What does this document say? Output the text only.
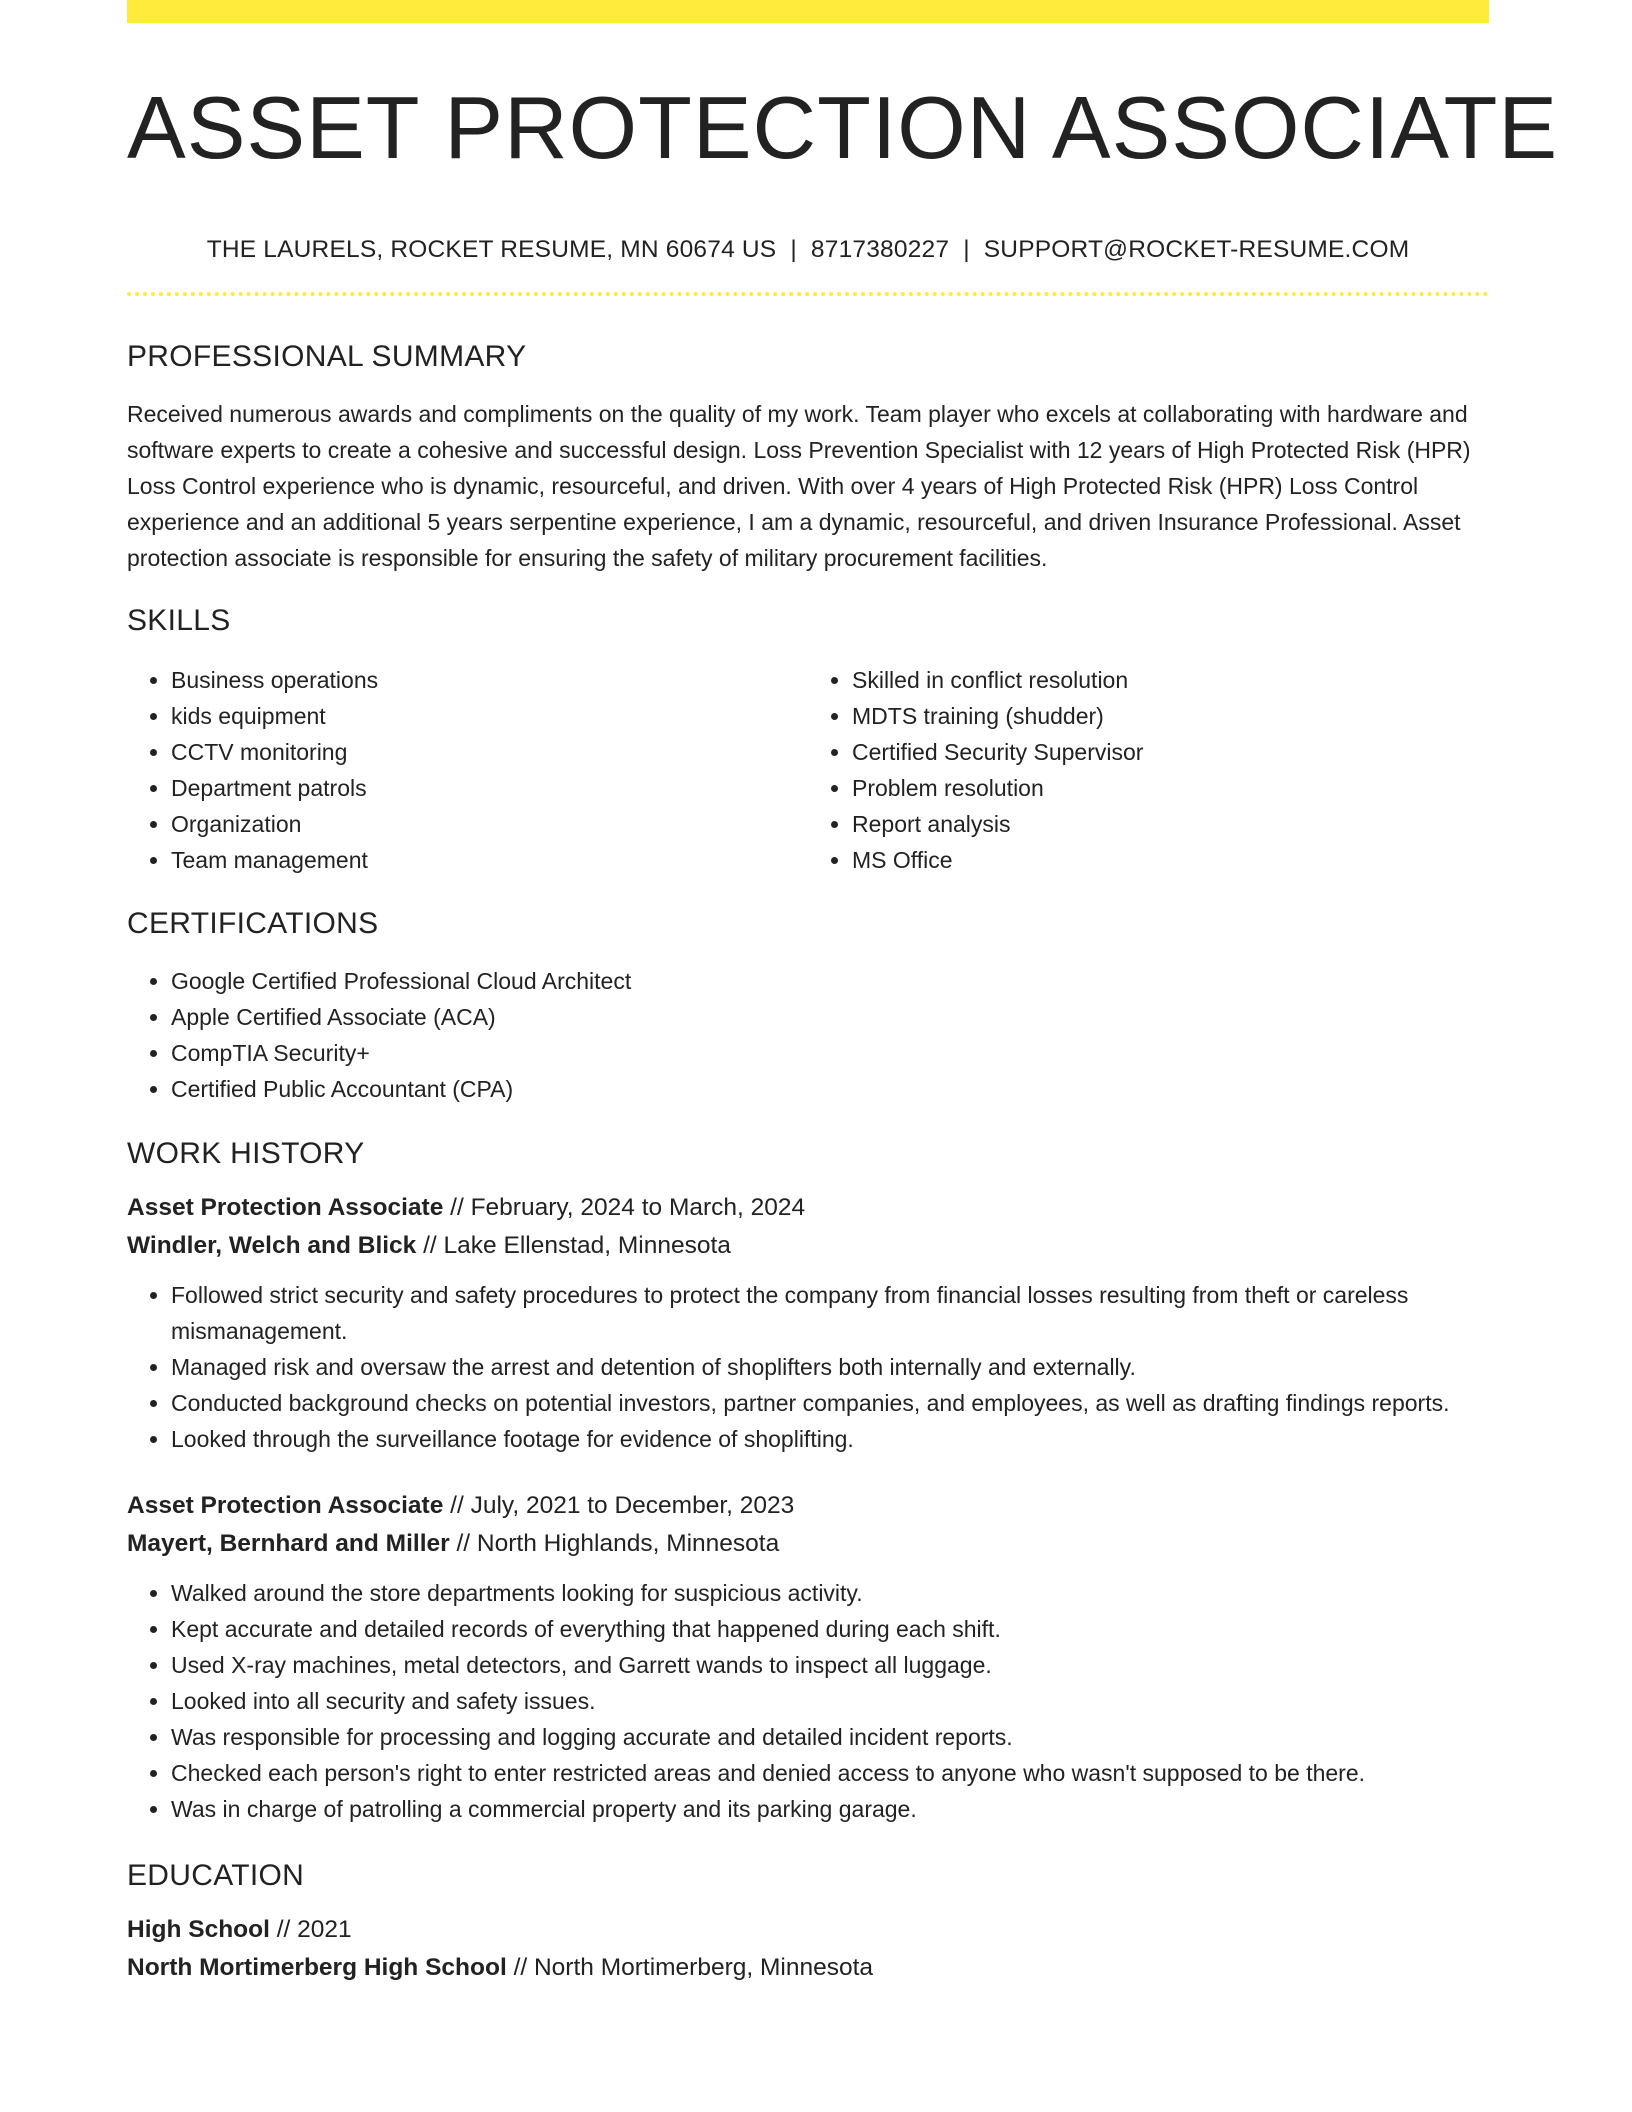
ASSET PROTECTION ASSOCIATE
THE LAURELS, ROCKET RESUME, MN 60674 US | 8717380227 | SUPPORT@ROCKET-RESUME.COM
PROFESSIONAL SUMMARY

Received numerous awards and compliments on the quality of my work. Team player who excels at collaborating with hardware and software experts to create a cohesive and successful design. Loss Prevention Specialist with 12 years of High Protected Risk (HPR) Loss Control experience who is dynamic, resourceful, and driven. With over 4 years of High Protected Risk (HPR) Loss Control experience and an additional 5 years serpentine experience, I am a dynamic, resourceful, and driven Insurance Professional. Asset protection associate is responsible for ensuring the safety of military procurement facilities.

SKILLS
• Business operations
• kids equipment
• CCTV monitoring
• Department patrols
• Organization
• Team management
• Skilled in conflict resolution
• MDTS training (shudder)
• Certified Security Supervisor
• Problem resolution
• Report analysis
• MS Office
CERTIFICATIONS
• Google Certified Professional Cloud Architect
• Apple Certified Associate (ACA)
• CompTIA Security+
• Certified Public Accountant (CPA)
WORK HISTORY

Asset Protection Associate // February, 2024 to March, 2024

Windler, Welch and Blick // Lake Ellenstad, Minnesota

• Followed strict security and safety procedures to protect the company from financial losses resulting from theft or careless mismanagement.
• Managed risk and oversaw the arrest and detention of shoplifters both internally and externally.
• Conducted background checks on potential investors, partner companies, and employees, as well as drafting findings reports.
• Looked through the surveillance footage for evidence of shoplifting.

Asset Protection Associate // July, 2021 to December, 2023

Mayert, Bernhard and Miller // North Highlands, Minnesota

• Walked around the store departments looking for suspicious activity.
• Kept accurate and detailed records of everything that happened during each shift.
• Used X-ray machines, metal detectors, and Garrett wands to inspect all luggage.
• Looked into all security and safety issues.
• Was responsible for processing and logging accurate and detailed incident reports.
• Checked each person's right to enter restricted areas and denied access to anyone who wasn't supposed to be there.
• Was in charge of patrolling a commercial property and its parking garage.
EDUCATION

High School // 2021

North Mortimerberg High School // North Mortimerberg, Minnesota
